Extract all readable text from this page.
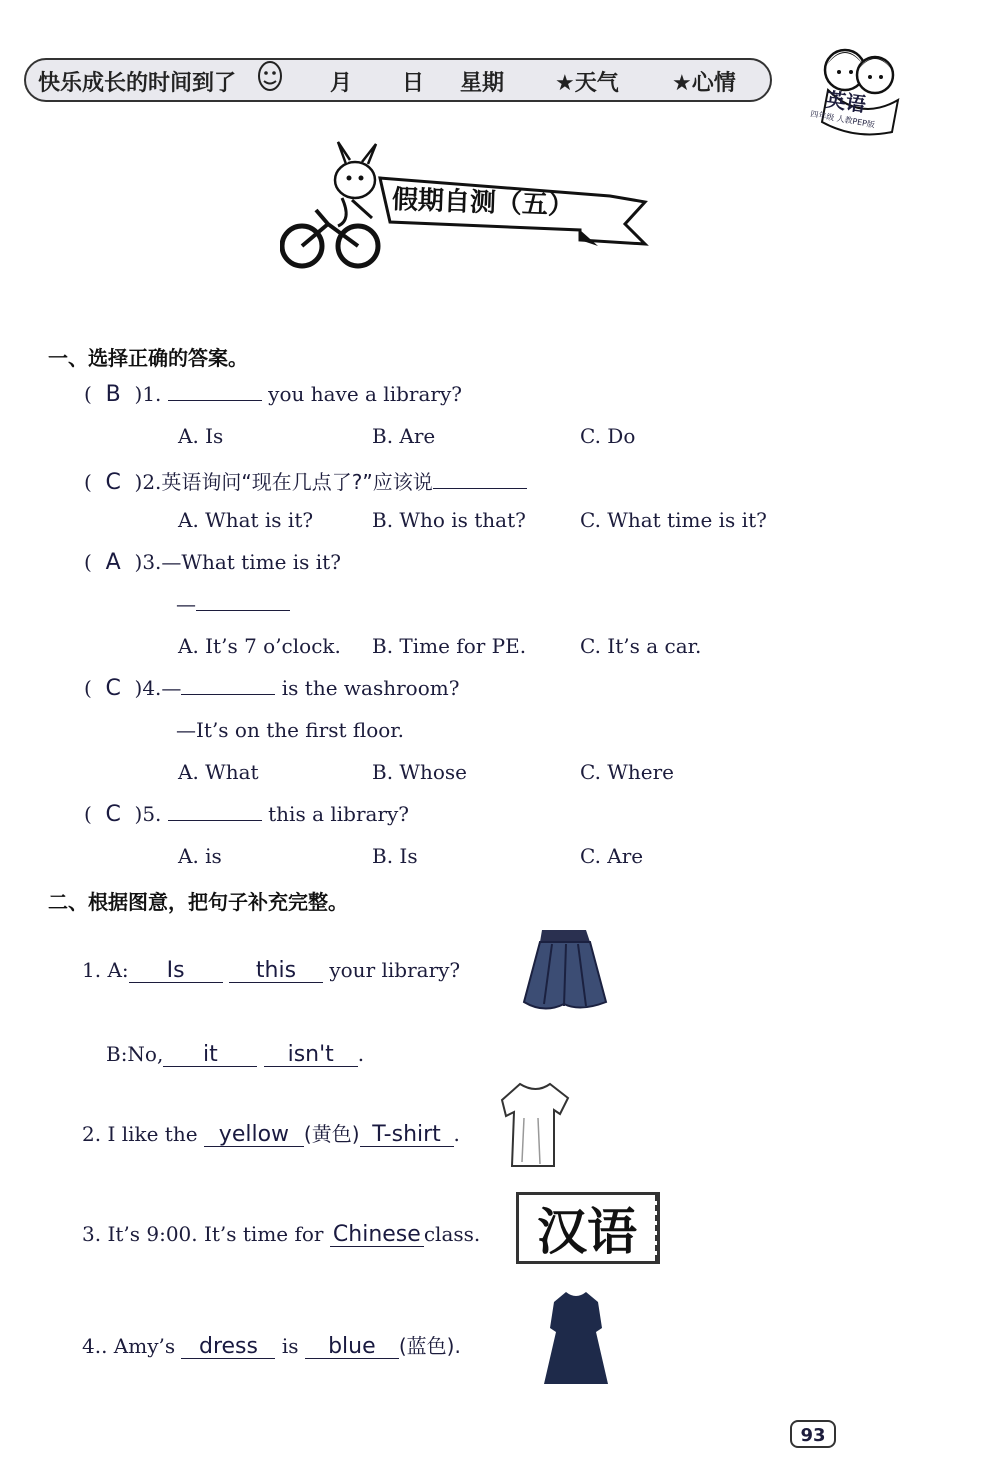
快乐成长的时间到了	月 日 星期 ★天气 ★心情
英语
四年级 人教PEP版
假期自测（五）
一、选择正确的答案。
( B )1.	you have a library?
A. Is	B. Are	C. Do
( C )2.英语询问“现在几点了?”应该说
A. What is it?	B. Who is that?	C. What time is it?
( A )3.—What time is it?
—
A. It’s 7 o’clock. B. Time for PE.	C. It’s a car.
( C )4.—	is the washroom?
—It’s on the first floor.
A. What	B. Whose	C. Where
( C )5.	this a library?
A. is	B. Is	C. Are
二、根据图意，把句子补充完整。
1. A: Is	this your library?
B:No, it	isn't .
2. I like the yellow (黄色) T-shirt .
3. It’s 9:00. It’s time for Chinese class.	汉语
4.. Amy’s dress is blue (蓝色).
93
